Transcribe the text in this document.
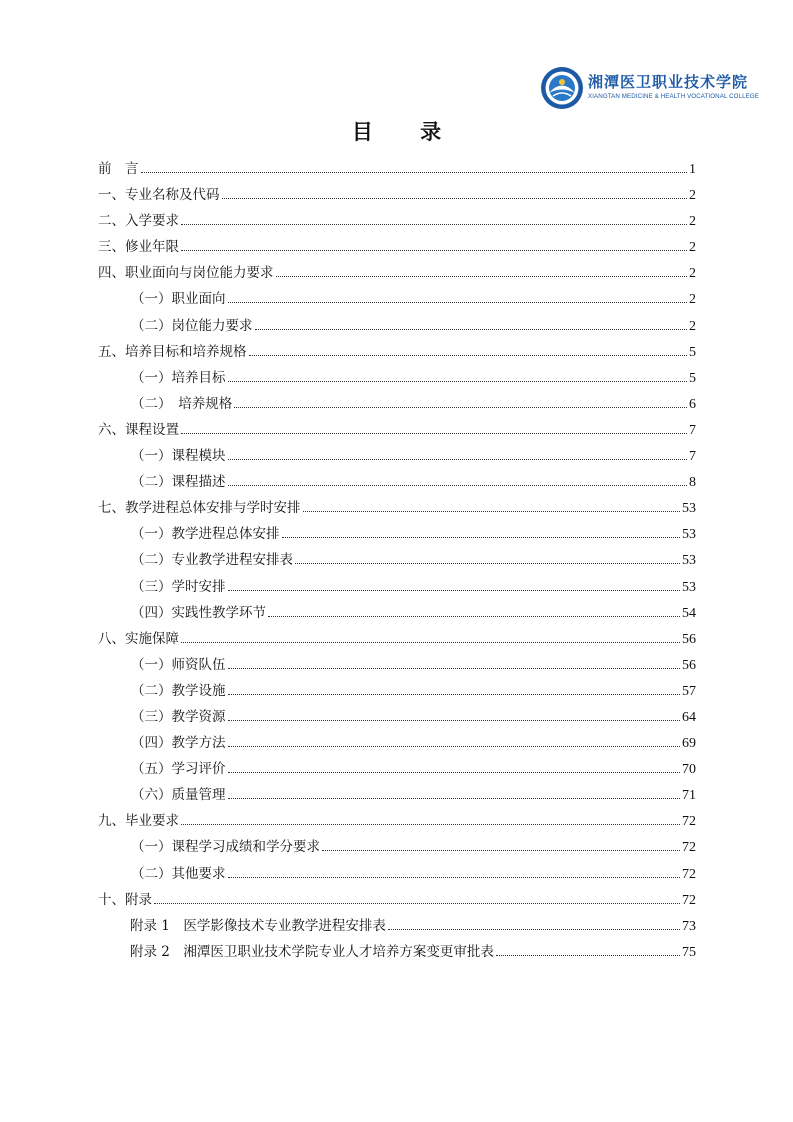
湘潭医卫职业技术学院
XIANGTAN MEDICINE & HEALTH VOCATIONAL COLLEGE
目 录
前　言	1
一、专业名称及代码	2
二、入学要求	2
三、修业年限	2
四、职业面向与岗位能力要求	2
（一）职业面向	2
（二）岗位能力要求	2
五、培养目标和培养规格	5
（一）培养目标	5
（二）　培养规格	6
六、课程设置	7
（一）课程模块	7
（二）课程描述	8
七、教学进程总体安排与学时安排	53
（一）教学进程总体安排	53
（二）专业教学进程安排表	53
（三）学时安排	53
（四）实践性教学环节	54
八、实施保障	56
（一）师资队伍	56
（二）教学设施	57
（三）教学资源	64
（四）教学方法	69
（五）学习评价	70
（六）质量管理	71
九、毕业要求	72
（一）课程学习成绩和学分要求	72
（二）其他要求	72
十、附录	72
附录 1　医学影像技术专业教学进程安排表	73
附录 2　湘潭医卫职业技术学院专业人才培养方案变更审批表	75
